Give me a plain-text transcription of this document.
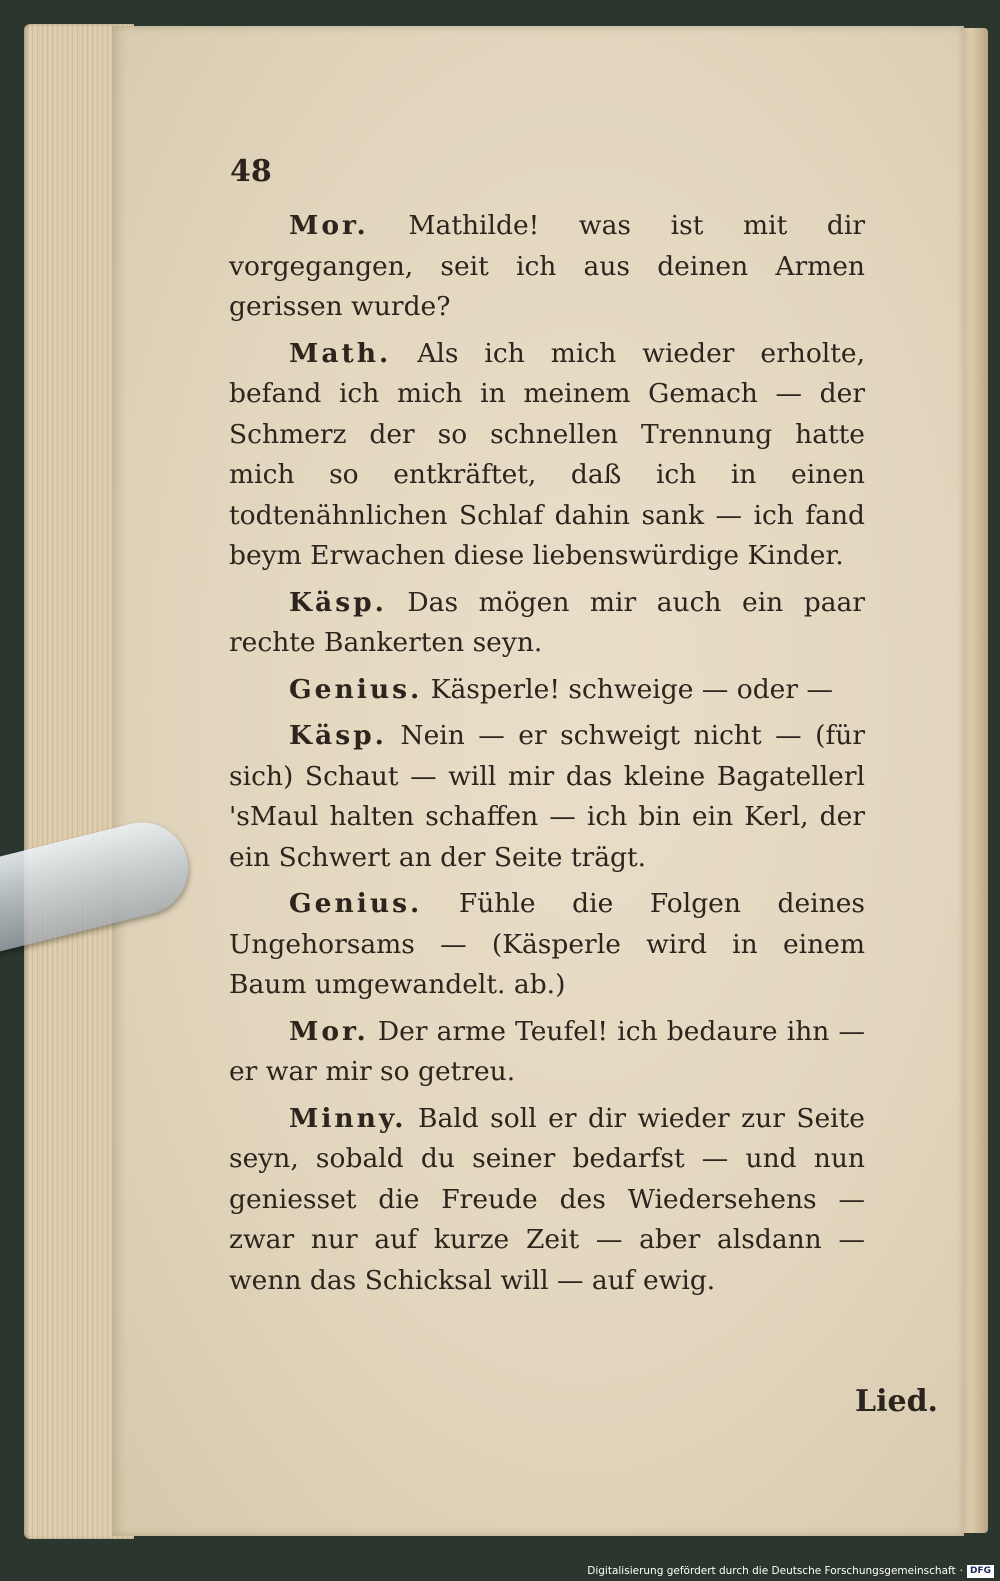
48

Mor. Mathilde! was ist mit dir vorgegangen, seit ich aus deinen Armen gerissen wurde?

Math. Als ich mich wieder erholte, befand ich mich in meinem Gemach — der Schmerz der so schnellen Trennung hatte mich so entkräftet, daß ich in einen todtenähnlichen Schlaf dahin sank — ich fand beym Erwachen diese liebenswürdige Kinder.

Käsp. Das mögen mir auch ein paar rechte Bankerten seyn.

Genius. Käsperle! schweige — oder —

Käsp. Nein — er schweigt nicht — (für sich) Schaut — will mir das kleine Bagatellerl 'sMaul halten schaffen — ich bin ein Kerl, der ein Schwert an der Seite trägt.

Genius. Fühle die Folgen deines Ungehorsams — (Käsperle wird in einem Baum umgewandelt. ab.)

Mor. Der arme Teufel! ich bedaure ihn — er war mir so getreu.

Minny. Bald soll er dir wieder zur Seite seyn, sobald du seiner bedarfst — und nun geniesset die Freude des Wiedersehens — zwar nur auf kurze Zeit — aber alsdann — wenn das Schicksal will — auf ewig.

Lied.
Digitalisierung gefördert durch die Deutsche Forschungsgemeinschaft · DFG
